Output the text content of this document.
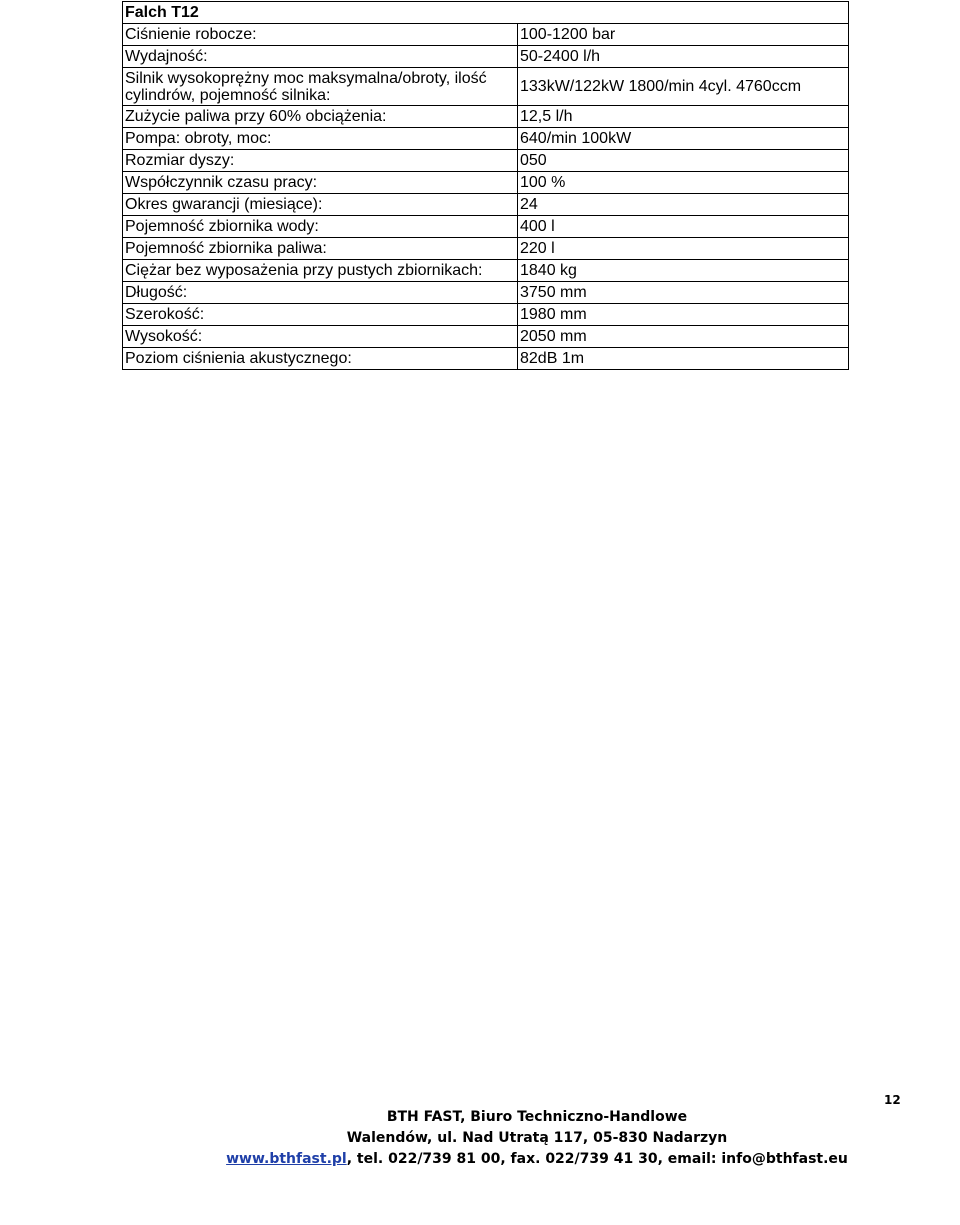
Falch T12	
Ciśnienie robocze:	100-1200 bar
Wydajność:	50-2400 l/h
Silnik wysokoprężny moc maksymalna/obroty, ilość cylindrów, pojemność silnika:	133kW/122kW 1800/min 4cyl. 4760ccm
Zużycie paliwa przy 60% obciążenia:	12,5 l/h
Pompa: obroty, moc:	640/min 100kW
Rozmiar dyszy:	050
Współczynnik czasu pracy:	100 %
Okres gwarancji (miesiące):	24
Pojemność zbiornika wody:	400 l
Pojemność zbiornika paliwa:	220 l
Ciężar bez wyposażenia przy pustych zbiornikach:	1840 kg
Długość:	3750 mm
Szerokość:	1980 mm
Wysokość:	2050 mm
Poziom ciśnienia akustycznego:	82dB 1m
12
BTH FAST, Biuro Techniczno-Handlowe
Walendów, ul. Nad Utratą 117, 05-830 Nadarzyn
www.bthfast.pl, tel. 022/739 81 00, fax. 022/739 41 30, email: info@bthfast.eu
